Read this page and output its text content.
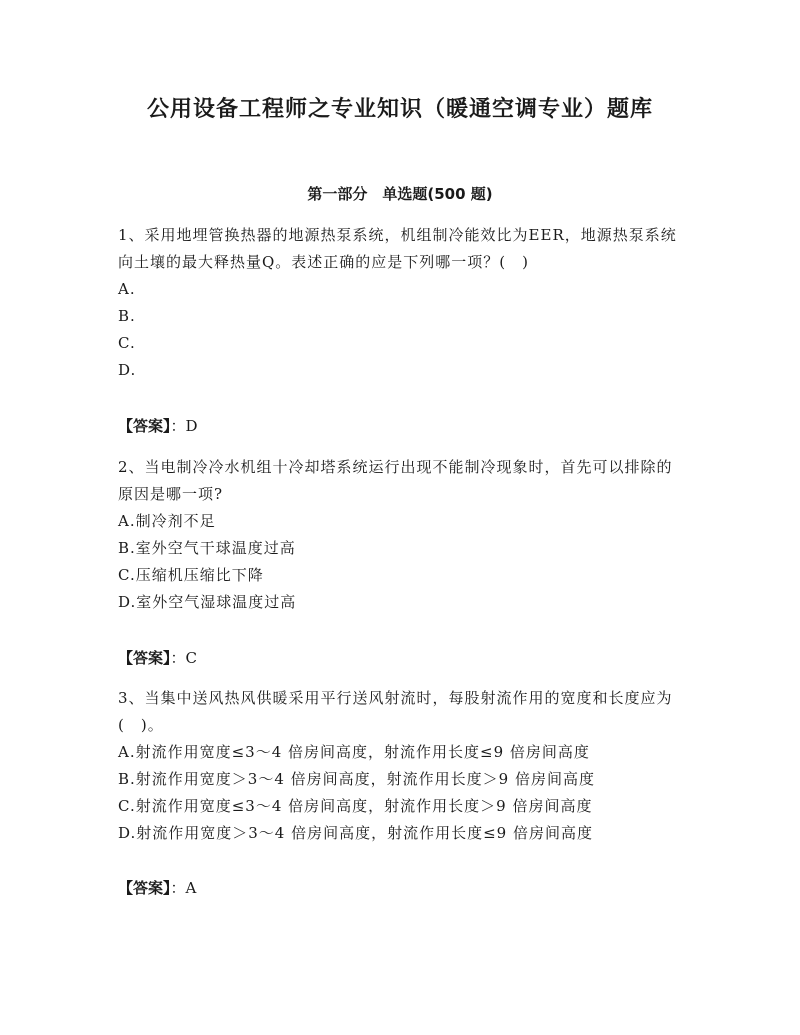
公用设备工程师之专业知识（暖通空调专业）题库
第一部分　单选题(500 题)

1、采用地埋管换热器的地源热泵系统，机组制冷能效比为EER，地源热泵系统向土壤的最大释热量Q。表述正确的应是下列哪一项？(　)

A.

B.

C.

D.

【答案】：D

2、当电制冷冷水机组十冷却塔系统运行出现不能制冷现象时，首先可以排除的原因是哪一项?

A.制冷剂不足

B.室外空气干球温度过高

C.压缩机压缩比下降

D.室外空气湿球温度过高

【答案】：C

3、当集中送风热风供暖采用平行送风射流时，每股射流作用的宽度和长度应为(　)。

A.射流作用宽度≤3～4 倍房间高度，射流作用长度≤9 倍房间高度

B.射流作用宽度＞3～4 倍房间高度，射流作用长度＞9 倍房间高度

C.射流作用宽度≤3～4 倍房间高度，射流作用长度＞9 倍房间高度

D.射流作用宽度＞3～4 倍房间高度，射流作用长度≤9 倍房间高度

【答案】：A
